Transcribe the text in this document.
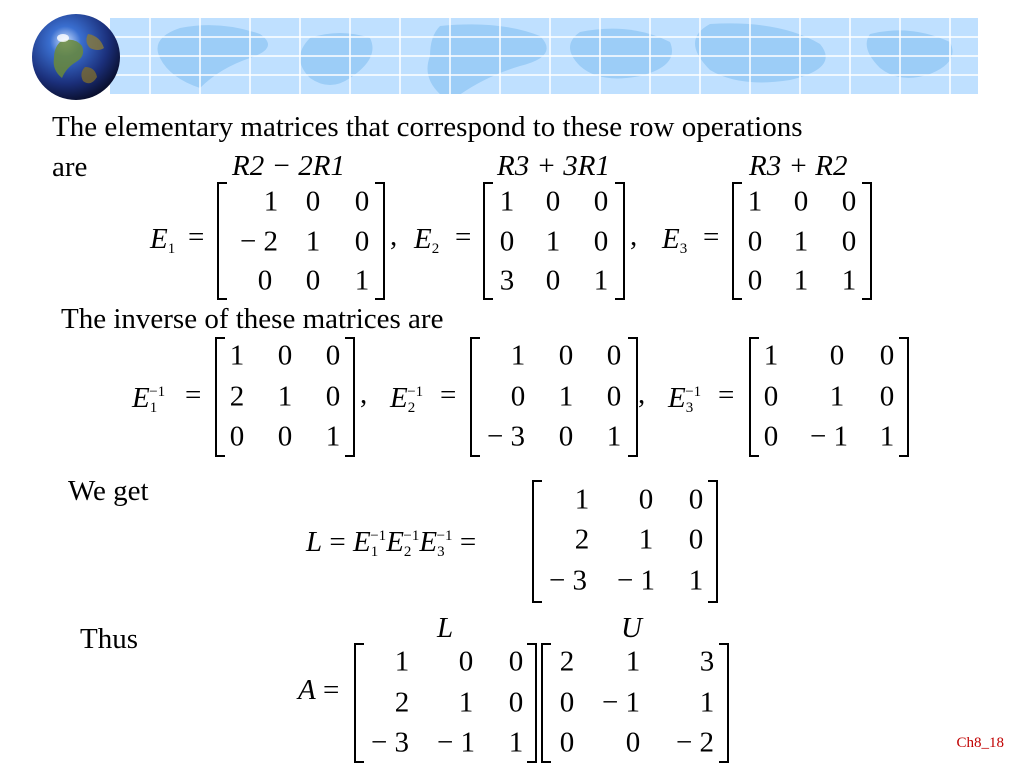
The elementary matrices that correspond to these row operations
are	R2 − 2R1	R3 + 3R1	R3 + R2
$E_1$ =
1 0 0
− 2 1 0
0 0 1
, $E_2$ =
1 0 0
0 1 0
3 0 1
, $E_3$ =
1 0 0
0 1 0
0 1 1
The inverse of these matrices are
$E_1^{-1}$ =
1 0 0
2 1 0
0 0 1
, $E_2^{-1}$ =
1 0 0
0 1 0
− 3 0 1
, $E_3^{-1}$ =
1 0 0
0 1 0
0 − 1 1
We get
$L = E_1^{-1}E_2^{-1}E_3^{-1}$ =
1 0 0
2 1 0
− 3 − 1 1
Thus	L	U
A =
1 0 0
2 1 0
− 3 − 1 1
2 1 3
0 − 1 1
0 0 − 2	Ch8_18
